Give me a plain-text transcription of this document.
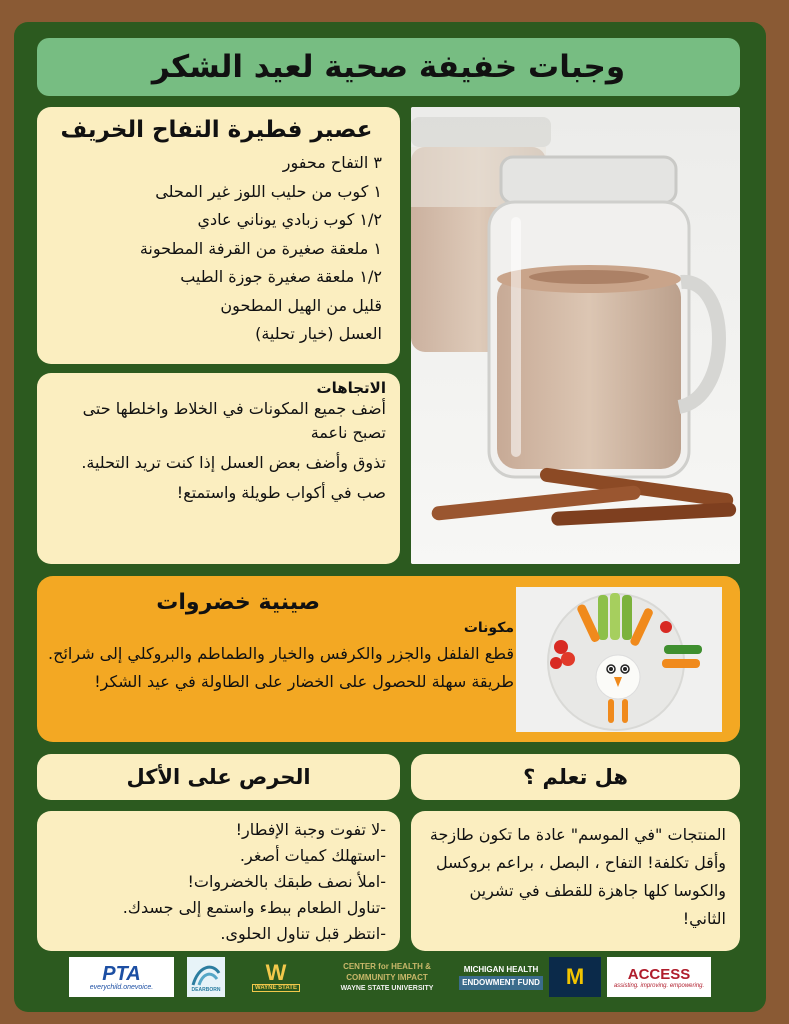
وجبات خفيفة صحية لعيد الشكر
عصير فطيرة التفاح الخريف
٣ التفاح محفور
١ كوب من حليب اللوز غير المحلى
١/٢ كوب زبادي يوناني عادي
١ ملعقة صغيرة من القرفة المطحونة
١/٢ ملعقة صغيرة جوزة الطيب
قليل من الهيل المطحون
العسل (خيار تحلية)
الاتجاهات

أضف جميع المكونات في الخلاط واخلطها حتى تصبح ناعمة

تذوق وأضف بعض العسل إذا كنت تريد التحلية.

صب في أكواب طويلة واستمتع!

صينية خضروات
مكونات

قطع الفلفل والجزر والكرفس والخيار والطماطم والبروكلي إلى شرائح.

طريقة سهلة للحصول على الخضار على الطاولة في عيد الشكر!

الحرص على الأكل	هل تعلم ؟
-لا تفوت وجبة الإفطار!
-استهلك كميات أصغر.
-املأ نصف طبقك بالخضروات!
-تناول الطعام ببطء واستمع إلى جسدك.
-انتظر قبل تناول الحلوى.
المنتجات "في الموسم" عادة ما تكون طازجة وأقل تكلفة! التفاح ، البصل ، براعم بروكسل والكوسا كلها جاهزة للقطف في تشرين الثاني!
PTA
everychild.onevoice.	DEARBORN
W
WAYNE STATE
CENTER for HEALTH &
COMMUNITY IMPACT
WAYNE STATE UNIVERSITY
MICHIGAN HEALTH
ENDOWMENT FUND M	ACCESS
assisting. improving. empowering.
